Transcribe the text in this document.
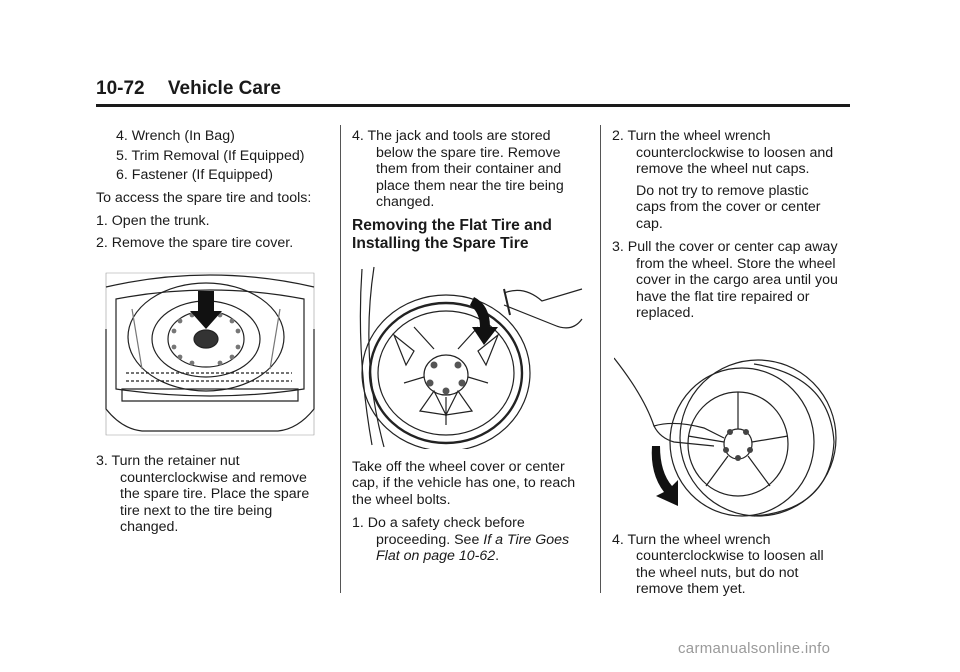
10-72 Vehicle Care

4. Wrench (In Bag)

5. Trim Removal (If Equipped)

6. Fastener (If Equipped)

To access the spare tire and tools:

1. Open the trunk.

2. Remove the spare tire cover.

3. Turn the retainer nut counterclockwise and remove the spare tire. Place the spare tire next to the tire being changed.

4. The jack and tools are stored below the spare tire. Remove them from their container and place them near the tire being changed.

Removing the Flat Tire and Installing the Spare Tire

Take off the wheel cover or center cap, if the vehicle has one, to reach the wheel bolts.

1. Do a safety check before proceeding. See If a Tire Goes Flat on page 10-62.

2. Turn the wheel wrench counterclockwise to loosen and remove the wheel nut caps.

Do not try to remove plastic caps from the cover or center cap.

3. Pull the cover or center cap away from the wheel. Store the wheel cover in the cargo area until you have the flat tire repaired or replaced.

4. Turn the wheel wrench counterclockwise to loosen all the wheel nuts, but do not remove them yet.

carmanualsonline.info
